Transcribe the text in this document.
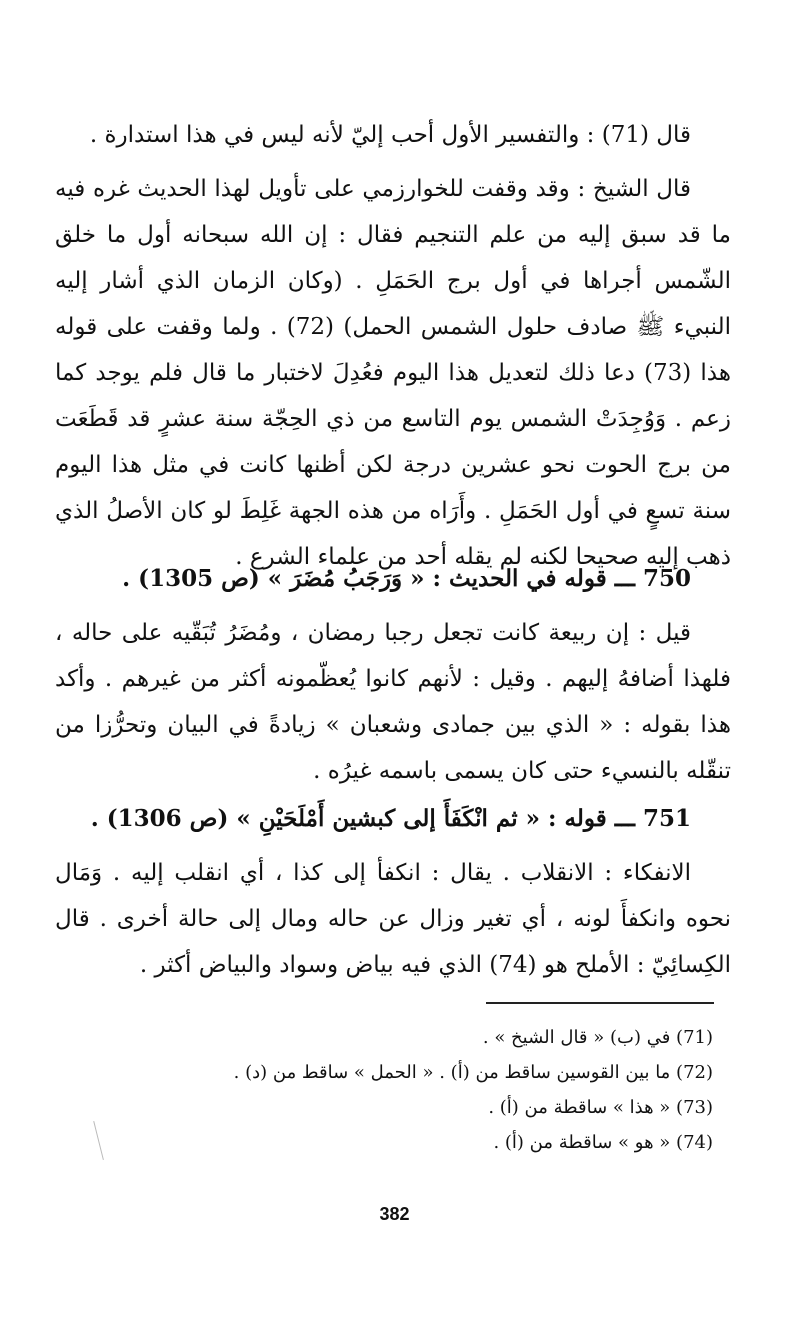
قال (71) : والتفسير الأول أحب إليّ لأنه ليس في هذا استدارة .

قال الشيخ : وقد وقفت للخوارزمي على تأويل لهذا الحديث غره فيه ما قد سبق إليه من علم التنجيم فقال : إن الله سبحانه أول ما خلق الشّمس أجراها في أول برج الحَمَلِ . (وكان الزمان الذي أشار إليه النبيء ﷺ صادف حلول الشمس الحمل) (72) . ولما وقفت على قوله هذا (73) دعا ذلك لتعديل هذا اليوم فعُدِلَ لاختبار ما قال فلم يوجد كما زعم . وَوُجِدَتْ الشمس يوم التاسع من ذي الحِجّة سنة عشرٍ قد قَطَعَت من برج الحوت نحو عشرين درجة لكن أظنها كانت في مثل هذا اليوم سنة تسعٍ في أول الحَمَلِ . وأَرَاه من هذه الجهة غَلِطَ لو كان الأصلُ الذي ذهب إليه صحيحا لكنه لم يقله أحد من علماء الشرع .

750 ـــ قوله في الحديث : « وَرَجَبُ مُضَرَ » (ص 1305) .

قيل : إن ربيعة كانت تجعل رجبا رمضان ، ومُضَرُ تُبَقّيه على حاله ، فلهذا أضافهُ إليهم . وقيل : لأنهم كانوا يُعظّمونه أكثر من غيرهم . وأكد هذا بقوله : « الذي بين جمادى وشعبان » زيادةً في البيان وتحرُّزا من تنقّله بالنسيء حتى كان يسمى باسمه غيرُه .

751 ـــ قوله : « ثم انْكَفَأَ إلى كبشين أَمْلَحَيْنِ » (ص 1306) .

الانفكاء : الانقلاب . يقال : انكفأ إلى كذا ، أي انقلب إليه . وَمَال نحوه وانكفأَ لونه ، أي تغير وزال عن حاله ومال إلى حالة أخرى . قال الكِسائِيّ : الأملح هو (74) الذي فيه بياض وسواد والبياض أكثر .

(71) في (ب) « قال الشيخ » .
(72) ما بين القوسين ساقط من (أ) . « الحمل » ساقط من (د) .
(73) « هذا » ساقطة من (أ) .
(74) « هو » ساقطة من (أ) .
382
